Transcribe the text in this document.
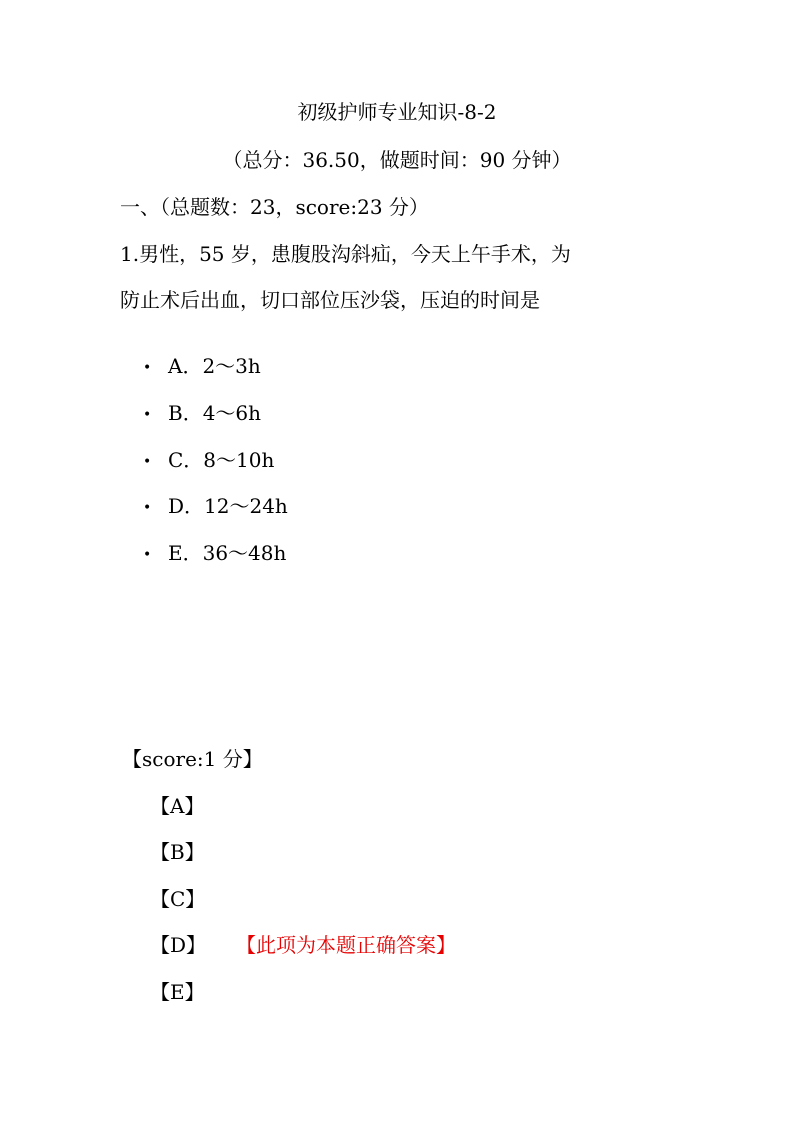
初级护师专业知识-8-2
（总分：36.50，做题时间：90 分钟）
一、（总题数：23，score:23 分）
1.男性，55 岁，患腹股沟斜疝，今天上午手术，为
防止术后出血，切口部位压沙袋，压迫的时间是
• A．2～3h
• B．4～6h
• C．8～10h
• D．12～24h
• E．36～48h
【score:1 分】
【A】
【B】
【C】
【D】 【此项为本题正确答案】
【E】
